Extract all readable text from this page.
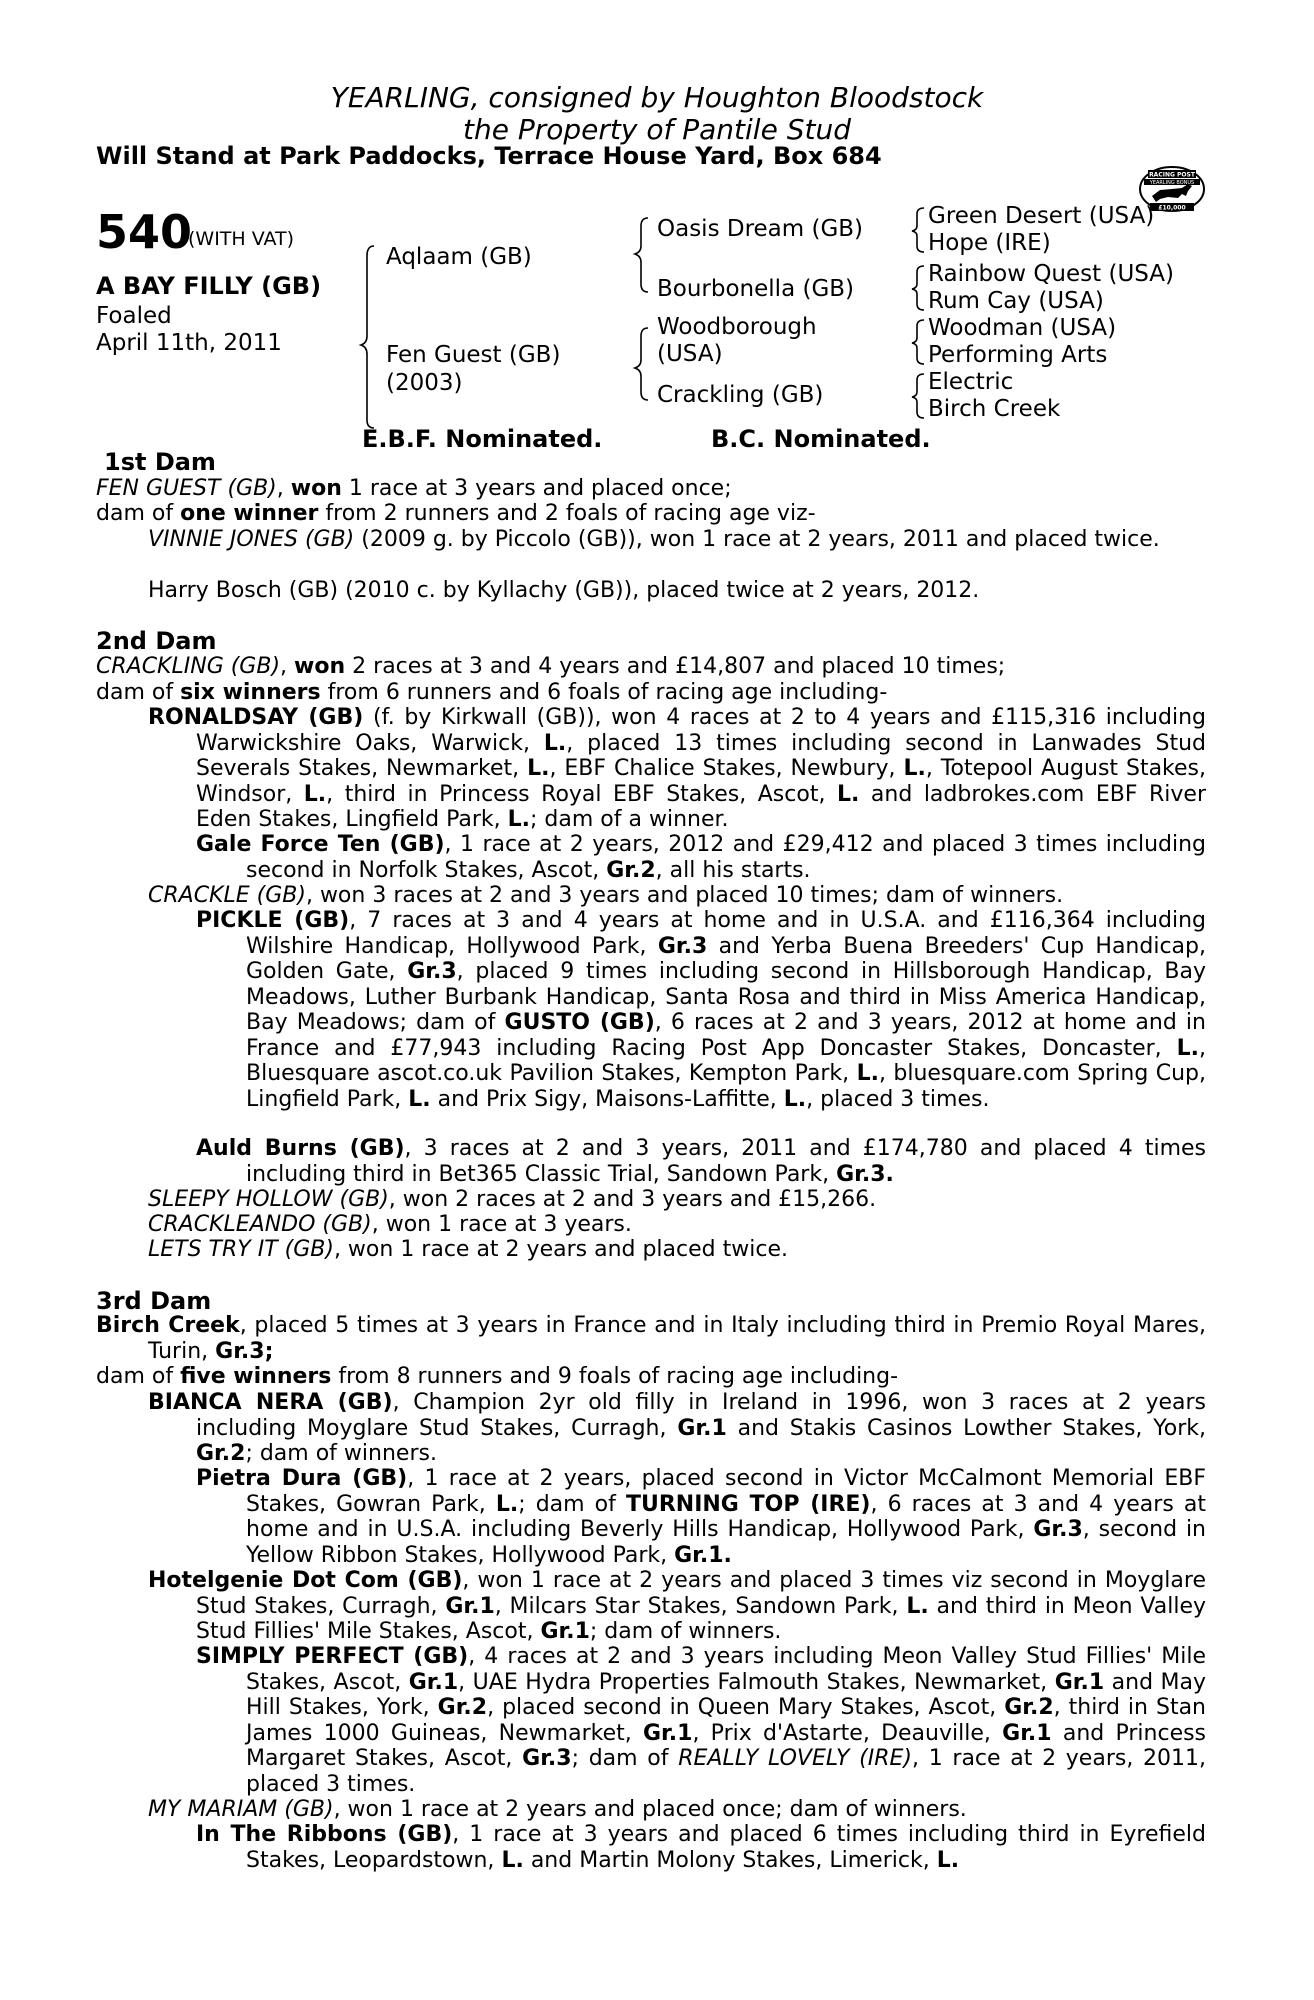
YEARLING, consigned by Houghton Bloodstock
the Property of Pantile Stud
Will Stand at Park Paddocks, Terrace House Yard, Box 684
RACING POST
YEARLING BONUS
£10,000
540
(WITH VAT)
A BAY FILLY (GB)
Foaled
April 11th, 2011
Aqlaam (GB)
Fen Guest (GB)
(2003)
Oasis Dream (GB)
Bourbonella (GB)
Woodborough
(USA)
Crackling (GB)
Green Desert (USA)
Hope (IRE)
Rainbow Quest (USA)
Rum Cay (USA)
Woodman (USA)
Performing Arts
Electric
Birch Creek
E.B.F. Nominated.	B.C. Nominated.
1st Dam
FEN GUEST (GB), won 1 race at 3 years and placed once;
dam of one winner from 2 runners and 2 foals of racing age viz-
VINNIE JONES (GB) (2009 g. by Piccolo (GB)), won 1 race at 2 years, 2011 and placed twice.
Harry Bosch (GB) (2010 c. by Kyllachy (GB)), placed twice at 2 years, 2012.
2nd Dam
CRACKLING (GB), won 2 races at 3 and 4 years and £14,807 and placed 10 times;
dam of six winners from 6 runners and 6 foals of racing age including-
RONALDSAY (GB) (f. by Kirkwall (GB)), won 4 races at 2 to 4 years and £115,316 including Warwickshire Oaks, Warwick, L., placed 13 times including second in Lanwades Stud Severals Stakes, Newmarket, L., EBF Chalice Stakes, Newbury, L., Totepool August Stakes, Windsor, L., third in Princess Royal EBF Stakes, Ascot, L. and ladbrokes.com EBF River Eden Stakes, Lingfield Park, L.; dam of a winner.
Gale Force Ten (GB), 1 race at 2 years, 2012 and £29,412 and placed 3 times including second in Norfolk Stakes, Ascot, Gr.2, all his starts.
CRACKLE (GB), won 3 races at 2 and 3 years and placed 10 times; dam of winners.
PICKLE (GB), 7 races at 3 and 4 years at home and in U.S.A. and £116,364 including Wilshire Handicap, Hollywood Park, Gr.3 and Yerba Buena Breeders' Cup Handicap, Golden Gate, Gr.3, placed 9 times including second in Hillsborough Handicap, Bay Meadows, Luther Burbank Handicap, Santa Rosa and third in Miss America Handicap, Bay Meadows; dam of GUSTO (GB), 6 races at 2 and 3 years, 2012 at home and in France and £77,943 including Racing Post App Doncaster Stakes, Doncaster, L., Bluesquare ascot.co.uk Pavilion Stakes, Kempton Park, L., bluesquare.com Spring Cup, Lingfield Park, L. and Prix Sigy, Maisons-Laffitte, L., placed 3 times.
Auld Burns (GB), 3 races at 2 and 3 years, 2011 and £174,780 and placed 4 times including third in Bet365 Classic Trial, Sandown Park, Gr.3.
SLEEPY HOLLOW (GB), won 2 races at 2 and 3 years and £15,266.
CRACKLEANDO (GB), won 1 race at 3 years.
LETS TRY IT (GB), won 1 race at 2 years and placed twice.
3rd Dam
Birch Creek, placed 5 times at 3 years in France and in Italy including third in Premio Royal Mares, Turin, Gr.3;
dam of five winners from 8 runners and 9 foals of racing age including-
BIANCA NERA (GB), Champion 2yr old filly in Ireland in 1996, won 3 races at 2 years including Moyglare Stud Stakes, Curragh, Gr.1 and Stakis Casinos Lowther Stakes, York, Gr.2; dam of winners.
Pietra Dura (GB), 1 race at 2 years, placed second in Victor McCalmont Memorial EBF Stakes, Gowran Park, L.; dam of TURNING TOP (IRE), 6 races at 3 and 4 years at home and in U.S.A. including Beverly Hills Handicap, Hollywood Park, Gr.3, second in Yellow Ribbon Stakes, Hollywood Park, Gr.1.
Hotelgenie Dot Com (GB), won 1 race at 2 years and placed 3 times viz second in Moyglare Stud Stakes, Curragh, Gr.1, Milcars Star Stakes, Sandown Park, L. and third in Meon Valley Stud Fillies' Mile Stakes, Ascot, Gr.1; dam of winners.
SIMPLY PERFECT (GB), 4 races at 2 and 3 years including Meon Valley Stud Fillies' Mile Stakes, Ascot, Gr.1, UAE Hydra Properties Falmouth Stakes, Newmarket, Gr.1 and May Hill Stakes, York, Gr.2, placed second in Queen Mary Stakes, Ascot, Gr.2, third in Stan James 1000 Guineas, Newmarket, Gr.1, Prix d'Astarte, Deauville, Gr.1 and Princess Margaret Stakes, Ascot, Gr.3; dam of REALLY LOVELY (IRE), 1 race at 2 years, 2011, placed 3 times.
MY MARIAM (GB), won 1 race at 2 years and placed once; dam of winners.
In The Ribbons (GB), 1 race at 3 years and placed 6 times including third in Eyrefield Stakes, Leopardstown, L. and Martin Molony Stakes, Limerick, L.
